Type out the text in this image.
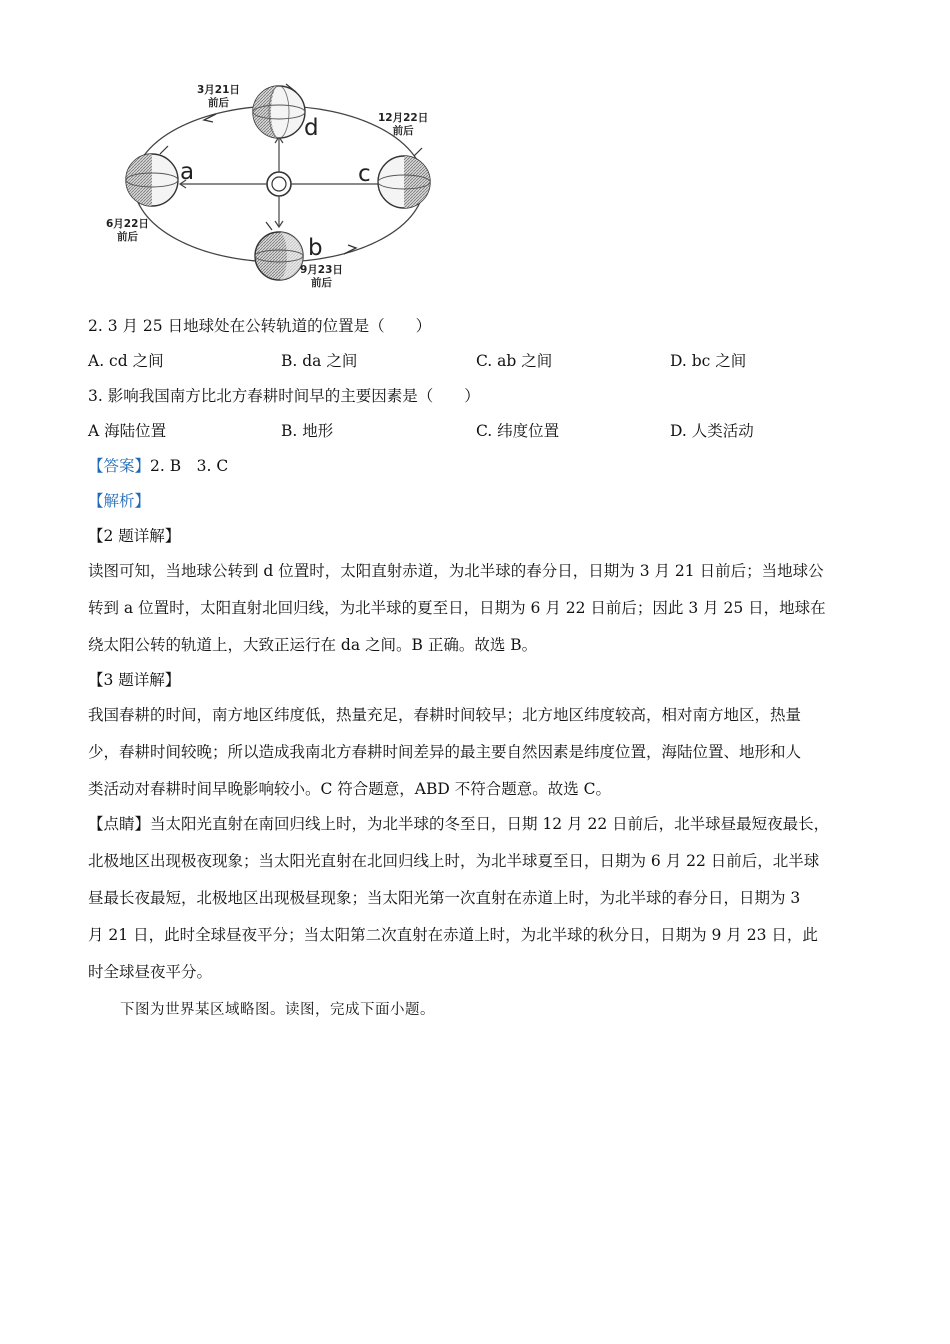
3月21日
前后
12月22日
前后
6月22日
前后
9月23日
前后
a	c
d
b
2. 3 月 25 日地球处在公转轨道的位置是（　　）
A. cd 之间	B. da 之间	C. ab 之间	D. bc 之间
3. 影响我国南方比北方春耕时间早的主要因素是（　　）
A 海陆位置	B. 地形	C. 纬度位置	D. 人类活动
【答案】2. B　3. C
【解析】
【2 题详解】
读图可知，当地球公转到 d 位置时，太阳直射赤道，为北半球的春分日，日期为 3 月 21 日前后；当地球公
转到 a 位置时，太阳直射北回归线，为北半球的夏至日，日期为 6 月 22 日前后；因此 3 月 25 日，地球在
绕太阳公转的轨道上，大致正运行在 da 之间。B 正确。故选 B。
【3 题详解】
我国春耕的时间，南方地区纬度低，热量充足，春耕时间较早；北方地区纬度较高，相对南方地区，热量
少，春耕时间较晚；所以造成我南北方春耕时间差异的最主要自然因素是纬度位置，海陆位置、地形和人
类活动对春耕时间早晚影响较小。C 符合题意，ABD 不符合题意。故选 C。
【点睛】当太阳光直射在南回归线上时，为北半球的冬至日，日期 12 月 22 日前后，北半球昼最短夜最长，
北极地区出现极夜现象；当太阳光直射在北回归线上时，为北半球夏至日，日期为 6 月 22 日前后，北半球
昼最长夜最短，北极地区出现极昼现象；当太阳光第一次直射在赤道上时，为北半球的春分日，日期为 3
月 21 日，此时全球昼夜平分；当太阳第二次直射在赤道上时，为北半球的秋分日，日期为 9 月 23 日，此
时全球昼夜平分。
下图为世界某区域略图。读图，完成下面小题。
